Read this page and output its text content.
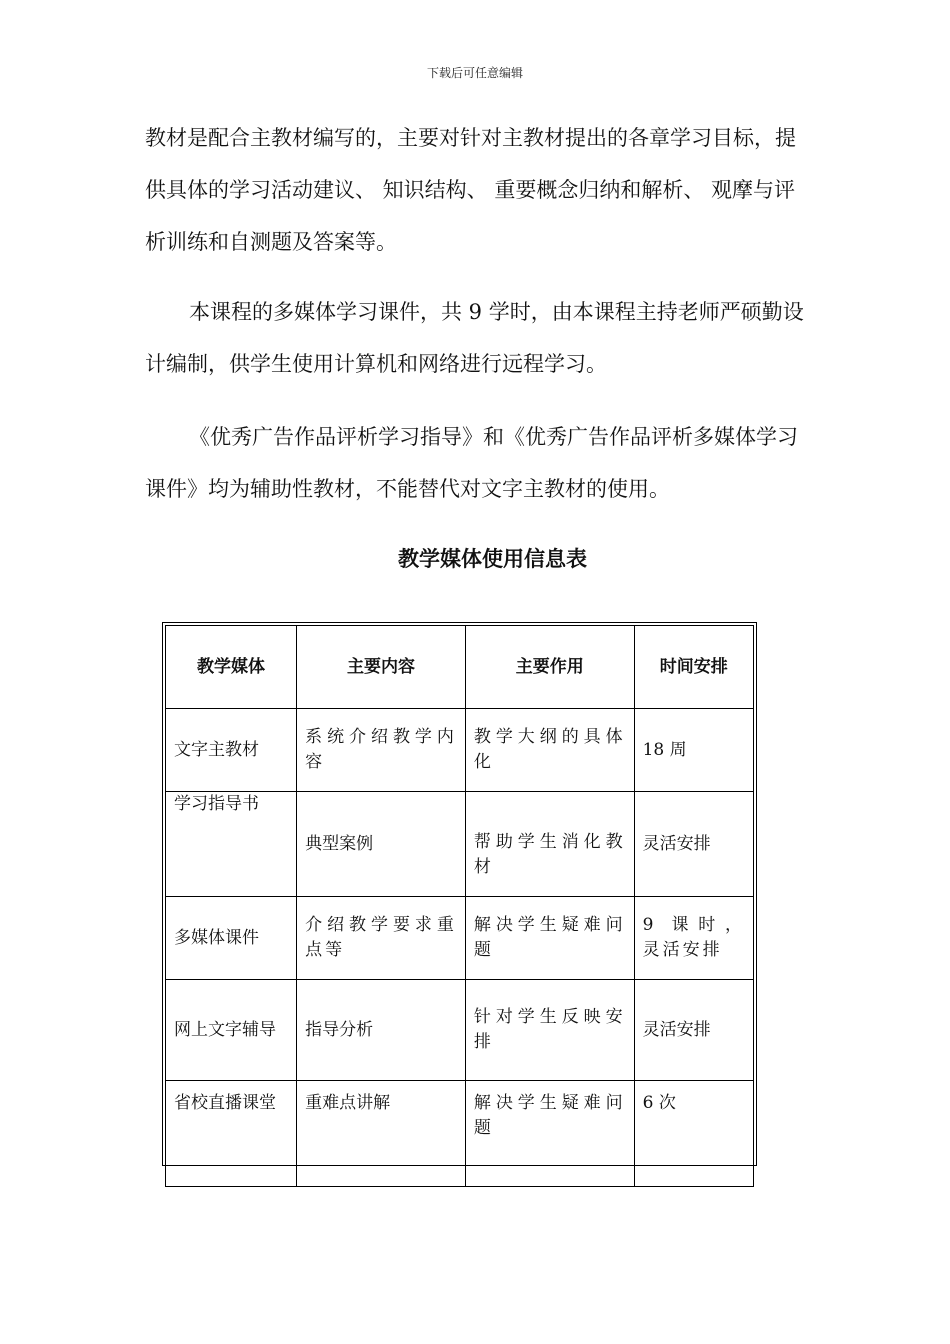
下载后可任意编辑

教材是配合主教材编写的，主要对针对主教材提出的各章学习目标，提供具体的学习活动建议、 知识结构、 重要概念归纳和解析、 观摩与评析训练和自测题及答案等。

本课程的多媒体学习课件，共 9 学时，由本课程主持老师严硕勤设计编制，供学生使用计算机和网络进行远程学习。

《优秀广告作品评析学习指导》和《优秀广告作品评析多媒体学习课件》均为辅助性教材，不能替代对文字主教材的使用。

教学媒体使用信息表
教学媒体	主要内容	主要作用	时间安排
文字主教材	系统介绍教学内容	教学大纲的具体化	18 周

学习指导书	典型案例	帮助学生消化教材	灵活安排
多媒体课件	介绍教学要求重点等	解决学生疑难问题	9 课时， 灵活安排
网上文字辅导	指导分析	针对学生反映安排	灵活安排
省校直播课堂	重难点讲解	解决学生疑难问题	6 次
